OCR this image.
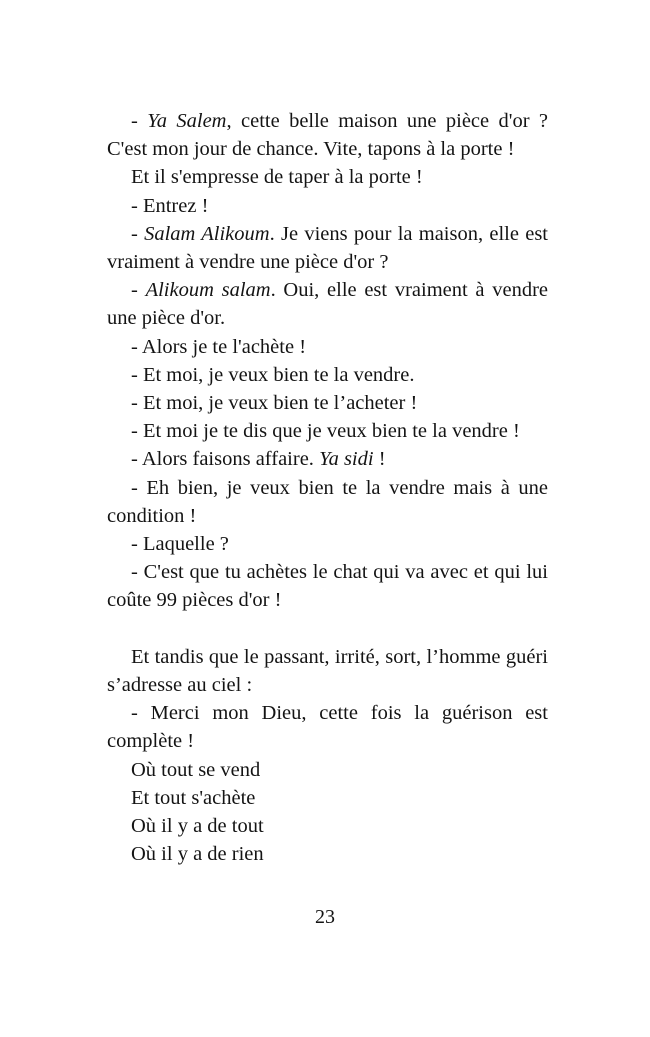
- Ya Salem, cette belle maison une pièce d'or ? C'est mon jour de chance. Vite, tapons à la porte !

Et il s'empresse de taper à la porte !

- Entrez !

- Salam Alikoum. Je viens pour la maison, elle est vraiment à vendre une pièce d'or ?

- Alikoum salam. Oui, elle est vraiment à vendre une pièce d'or.

- Alors je te l'achète !

- Et moi, je veux bien te la vendre.

- Et moi, je veux bien te l’acheter !

- Et moi je te dis que je veux bien te la vendre !

- Alors faisons affaire. Ya sidi !

- Eh bien, je veux bien te la vendre mais à une condition !

- Laquelle ?

- C'est que tu achètes le chat qui va avec et qui lui coûte 99 pièces d'or !

Et tandis que le passant, irrité, sort, l’homme guéri s’adresse au ciel :

- Merci mon Dieu, cette fois la guérison est complète !

Où tout se vend

Et tout s'achète

Où il y a de tout

Où il y a de rien

23
